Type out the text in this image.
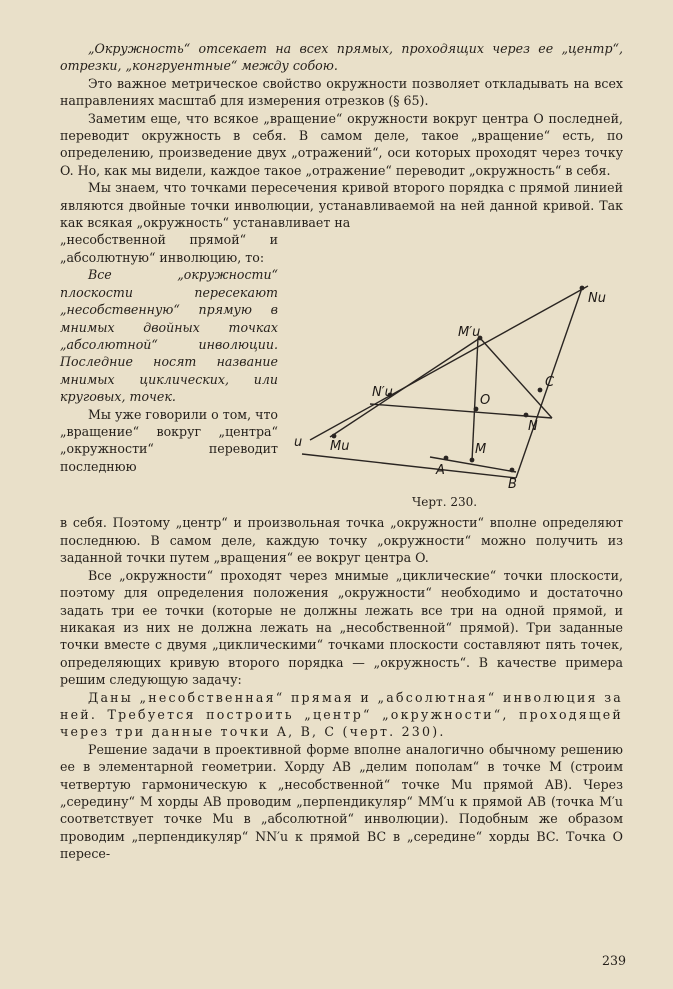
„Окружность“ отсекает на всех прямых, проходящих через ее „центр“, отрезки, „конгруентные“ между собою.

Это важное метрическое свойство окружности позволяет откладывать на всех направлениях масштаб для измерения отрезков (§ 65).

Заметим еще, что всякое „вращение“ окружности вокруг центра O последней, переводит окружность в себя. В самом деле, такое „вращение“ есть, по определению, произведение двух „отражений“, оси которых проходят через точку O. Но, как мы видели, каждое такое „отражение“ переводит „окружность“ в себя.

Мы знаем, что точками пересечения кривой второго порядка с прямой линией являются двойные точки инволюции, устанавливаемой на ней данной кривой. Так как всякая „окружность“ устанавливает на

„несобственной прямой“ и „абсолютную“ инволюцию, то:

Все „окружности“ плоскости пересекают „несобственную“ прямую в мнимых двойных точках „абсолютной“ инволюции. Последние носят название мнимых циклических, или круговых, точек.

Мы уже говорили о том, что „вращение“ вокруг „центра“ „окружности“ переводит последнюю

в себя. Поэтому „центр“ и произвольная точка „окружности“ вполне определяют последнюю. В самом деле, каждую точку „окружности“ можно получить из заданной точки путем „вращения“ ее вокруг центра O.

Все „окружности“ проходят через мнимые „циклические“ точки плоскости, поэтому для определения положения „окружности“ необходимо и достаточно задать три ее точки (которые не должны лежать все три на одной прямой, и никакая из них не должна лежать на „несобственной“ прямой). Три заданные точки вместе с двумя „циклическими“ точками плоскости составляют пять точек, определяющих кривую второго порядка — „окружность“. В качестве примера решим следующую задачу:

Даны „несобственная“ прямая и „абсолютная“ инволюция за ней. Требуется построить „центр“ „окружности“, проходящей через три данные точки A, B, C (черт. 230).

Решение задачи в проективной форме вполне аналогично обычному решению ее в элементарной геометрии. Хорду AB „делим пополам“ в точке M (строим четвертую гармоническую к „несобственной“ точке Mu прямой AB). Через „середину“ M хорды AB проводим „перпендикуляр“ MM′u к прямой AB (точка M′u соответствует точке Mu в „абсолютной“ инволюции). Подобным же образом проводим „перпендикуляр“ NN′u к прямой BC в „середине“ хорды BC. Точка O пересе-

Nu
M′u
N′u
O
C
N
u Mu	M
A
B
Черт. 230.
239
